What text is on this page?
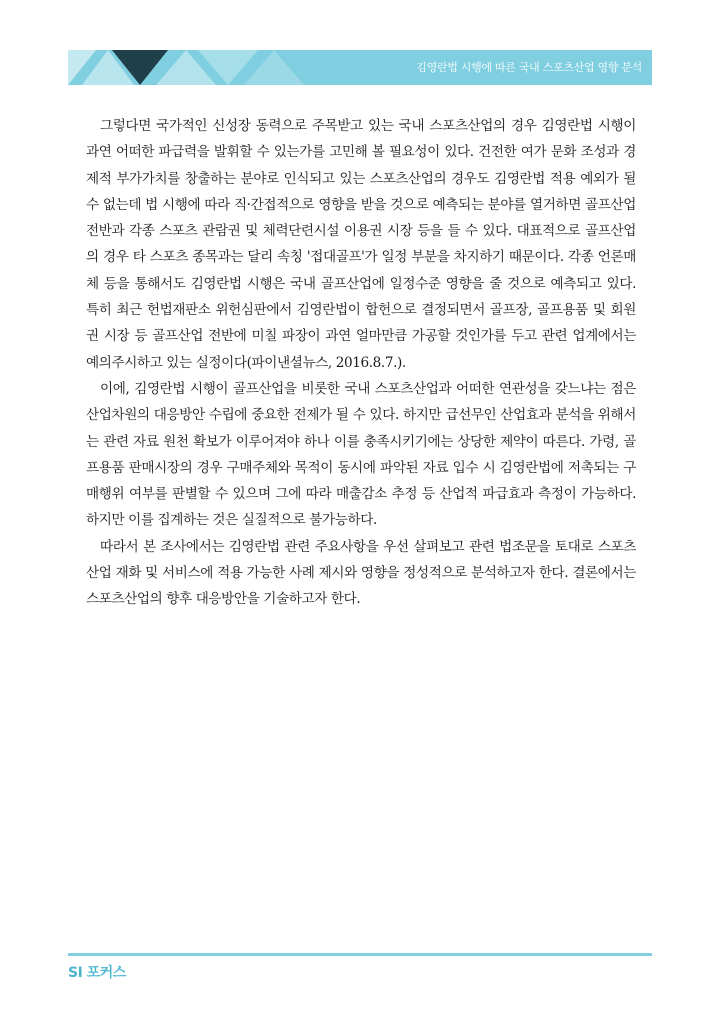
김영란법 시행에 따른 국내 스포츠산업 영향 분석

그렇다면 국가적인 신성장 동력으로 주목받고 있는 국내 스포츠산업의 경우 김영란법 시행이 과연 어떠한 파급력을 발휘할 수 있는가를 고민해 볼 필요성이 있다. 건전한 여가 문화 조성과 경제적 부가가치를 창출하는 분야로 인식되고 있는 스포츠산업의 경우도 김영란법 적용 예외가 될 수 없는데 법 시행에 따라 직·간접적으로 영향을 받을 것으로 예측되는 분야를 열거하면 골프산업 전반과 각종 스포츠 관람권 및 체력단련시설 이용권 시장 등을 들 수 있다. 대표적으로 골프산업의 경우 타 스포츠 종목과는 달리 속칭 '접대골프'가 일정 부분을 차지하기 때문이다. 각종 언론매체 등을 통해서도 김영란법 시행은 국내 골프산업에 일정수준 영향을 줄 것으로 예측되고 있다. 특히 최근 헌법재판소 위헌심판에서 김영란법이 합헌으로 결정되면서 골프장, 골프용품 및 회원권 시장 등 골프산업 전반에 미칠 파장이 과연 얼마만큼 가공할 것인가를 두고 관련 업계에서는 예의주시하고 있는 실정이다(파이낸셜뉴스, 2016.8.7.).

이에, 김영란법 시행이 골프산업을 비롯한 국내 스포츠산업과 어떠한 연관성을 갖느냐는 점은 산업차원의 대응방안 수립에 중요한 전제가 될 수 있다. 하지만 급선무인 산업효과 분석을 위해서는 관련 자료 원천 확보가 이루어져야 하나 이를 충족시키기에는 상당한 제약이 따른다. 가령, 골프용품 판매시장의 경우 구매주체와 목적이 동시에 파악된 자료 입수 시 김영란법에 저촉되는 구매행위 여부를 판별할 수 있으며 그에 따라 매출감소 추정 등 산업적 파급효과 측정이 가능하다. 하지만 이를 집계하는 것은 실질적으로 불가능하다.

따라서 본 조사에서는 김영란법 관련 주요사항을 우선 살펴보고 관련 법조문을 토대로 스포츠산업 재화 및 서비스에 적용 가능한 사례 제시와 영향을 정성적으로 분석하고자 한다. 결론에서는 스포츠산업의 향후 대응방안을 기술하고자 한다.

SI 포커스
